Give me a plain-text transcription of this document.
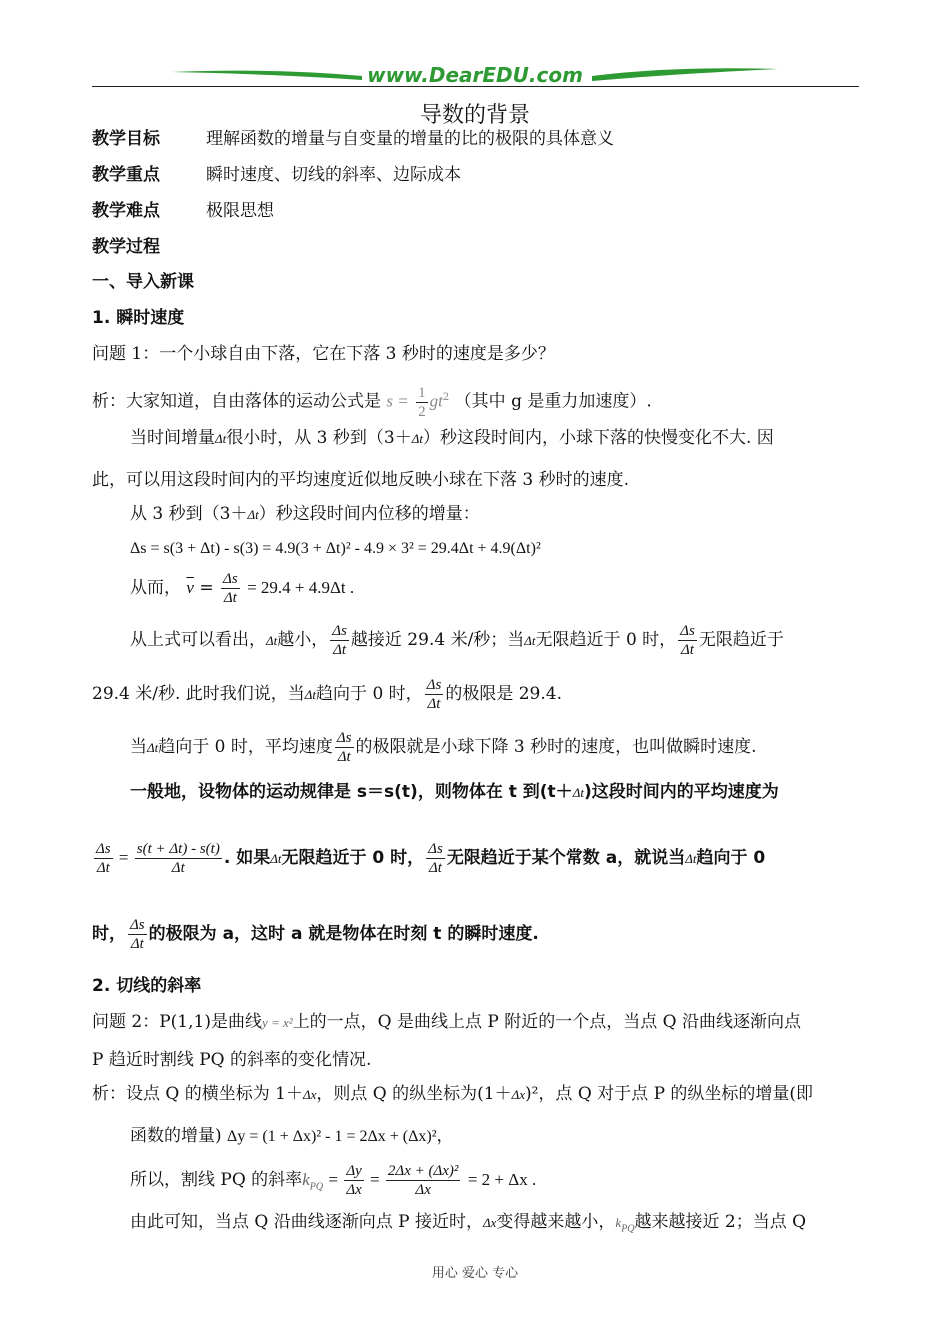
www.DearEDU.com
导数的背景
教学目标	理解函数的增量与自变量的增量的比的极限的具体意义
教学重点	瞬时速度、切线的斜率、边际成本
教学难点	极限思想
教学过程
一、导入新课
1. 瞬时速度
问题 1：一个小球自由下落，它在下落 3 秒时的速度是多少？
析：大家知道，自由落体的运动公式是 $s = \frac{1}{2} gt^2$ （其中 g 是重力加速度）.
当时间增量Δt很小时，从 3 秒到（3＋Δt）秒这段时间内，小球下落的快慢变化不大. 因
此，可以用这段时间内的平均速度近似地反映小球在下落 3 秒时的速度.
从 3 秒到（3＋Δt）秒这段时间内位移的增量：
Δs = s(3 + Δt) - s(3) = 4.9(3 + Δt)² - 4.9 × 3² = 29.4Δt + 4.9(Δt)²
从而， $\overline{v} = \frac{\Delta s}{\Delta t} = 29.4 + 4.9\Delta t$ .
从上式可以看出，Δt越小， $\frac{\Delta s}{\Delta t}$ 越接近 29.4 米/秒；当Δt无限趋近于 0 时， $\frac{\Delta s}{\Delta t}$ 无限趋近于
29.4 米/秒. 此时我们说，当Δt趋向于 0 时， $\frac{\Delta s}{\Delta t}$ 的极限是 29.4.
当Δt趋向于 0 时，平均速度 $\frac{\Delta s}{\Delta t}$ 的极限就是小球下降 3 秒时的速度，也叫做瞬时速度.
一般地，设物体的运动规律是 s＝s(t)，则物体在 t 到(t＋Δt)这段时间内的平均速度为
$\frac{\Delta s}{\Delta t} = \frac{s(t + \Delta t) - s(t)}{\Delta t}$ . 如果Δt无限趋近于 0 时， $\frac{\Delta s}{\Delta t}$ 无限趋近于某个常数 a，就说当Δt趋向于 0
时， $\frac{\Delta s}{\Delta t}$ 的极限为 a，这时 a 就是物体在时刻 t 的瞬时速度.
2. 切线的斜率
问题 2：P(1,1)是曲线y = x²上的一点，Q 是曲线上点 P 附近的一个点，当点 Q 沿曲线逐渐向点
P 趋近时割线 PQ 的斜率的变化情况.
析：设点 Q 的横坐标为 1＋Δx，则点 Q 的纵坐标为(1＋Δx)²，点 Q 对于点 P 的纵坐标的增量(即
函数的增量) Δy = (1 + Δx)² - 1 = 2Δx + (Δx)²，
所以，割线 PQ 的斜率$k_{PQ} = \frac{\Delta y}{\Delta x} = \frac{\text{2Δx + (Δx)²}}{\Delta x} = 2 + \Delta x$ .
由此可知，当点 Q 沿曲线逐渐向点 P 接近时，Δx变得越来越小，$k_{PQ}$越来越接近 2；当点 Q
用心 爱心 专心
